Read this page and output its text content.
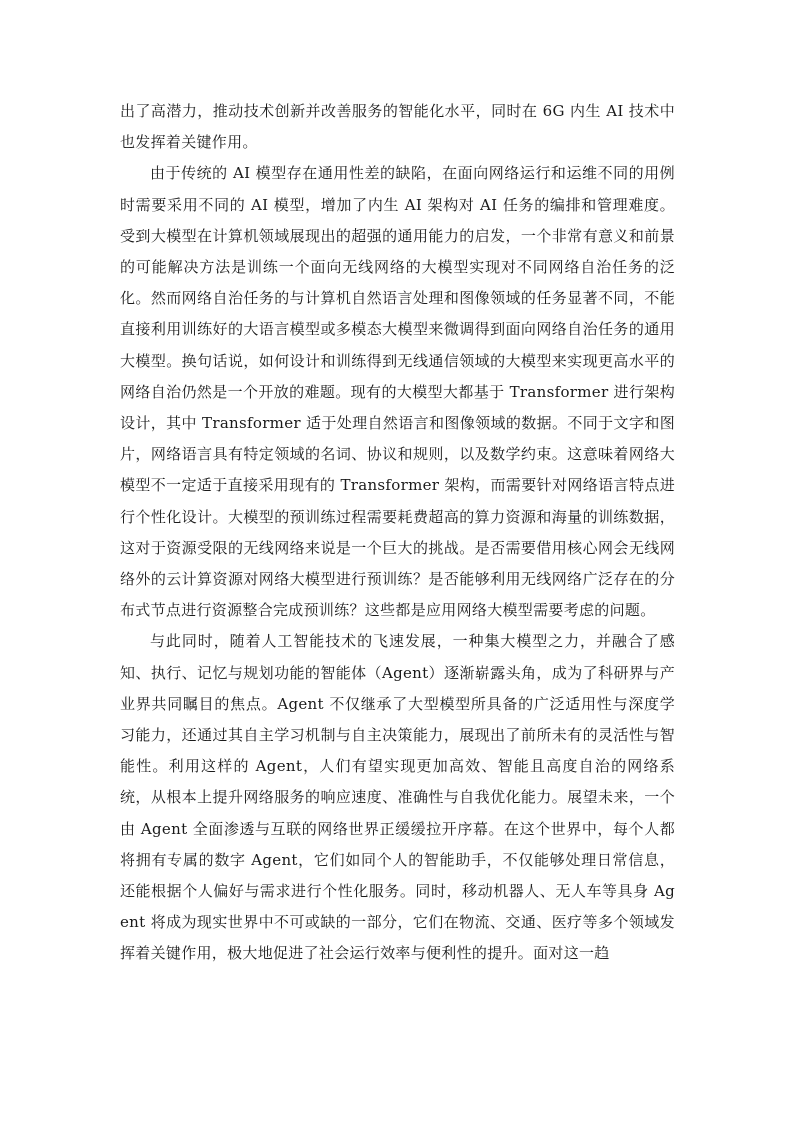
出了高潜力，推动技术创新并改善服务的智能化水平，同时在 6G 内生 AI 技术中也发挥着关键作用。

由于传统的 AI 模型存在通用性差的缺陷，在面向网络运行和运维不同的用例时需要采用不同的 AI 模型，增加了内生 AI 架构对 AI 任务的编排和管理难度。受到大模型在计算机领域展现出的超强的通用能力的启发，一个非常有意义和前景的可能解决方法是训练一个面向无线网络的大模型实现对不同网络自治任务的泛化。然而网络自治任务的与计算机自然语言处理和图像领域的任务显著不同，不能直接利用训练好的大语言模型或多模态大模型来微调得到面向网络自治任务的通用大模型。换句话说，如何设计和训练得到无线通信领域的大模型来实现更高水平的网络自治仍然是一个开放的难题。现有的大模型大都基于 Transformer 进行架构设计，其中 Transformer 适于处理自然语言和图像领域的数据。不同于文字和图片，网络语言具有特定领域的名词、协议和规则，以及数学约束。这意味着网络大模型不一定适于直接采用现有的 Transformer 架构，而需要针对网络语言特点进行个性化设计。大模型的预训练过程需要耗费超高的算力资源和海量的训练数据，这对于资源受限的无线网络来说是一个巨大的挑战。是否需要借用核心网会无线网络外的云计算资源对网络大模型进行预训练？是否能够利用无线网络广泛存在的分布式节点进行资源整合完成预训练？这些都是应用网络大模型需要考虑的问题。

与此同时，随着人工智能技术的飞速发展，一种集大模型之力，并融合了感知、执行、记忆与规划功能的智能体（Agent）逐渐崭露头角，成为了科研界与产业界共同瞩目的焦点。Agent 不仅继承了大型模型所具备的广泛适用性与深度学习能力，还通过其自主学习机制与自主决策能力，展现出了前所未有的灵活性与智能性。利用这样的 Agent，人们有望实现更加高效、智能且高度自治的网络系统，从根本上提升网络服务的响应速度、准确性与自我优化能力。展望未来，一个由 Agent 全面渗透与互联的网络世界正缓缓拉开序幕。在这个世界中，每个人都将拥有专属的数字 Agent，它们如同个人的智能助手，不仅能够处理日常信息，还能根据个人偏好与需求进行个性化服务。同时，移动机器人、无人车等具身 Agent 将成为现实世界中不可或缺的一部分，它们在物流、交通、医疗等多个领域发挥着关键作用，极大地促进了社会运行效率与便利性的提升。面对这一趋
